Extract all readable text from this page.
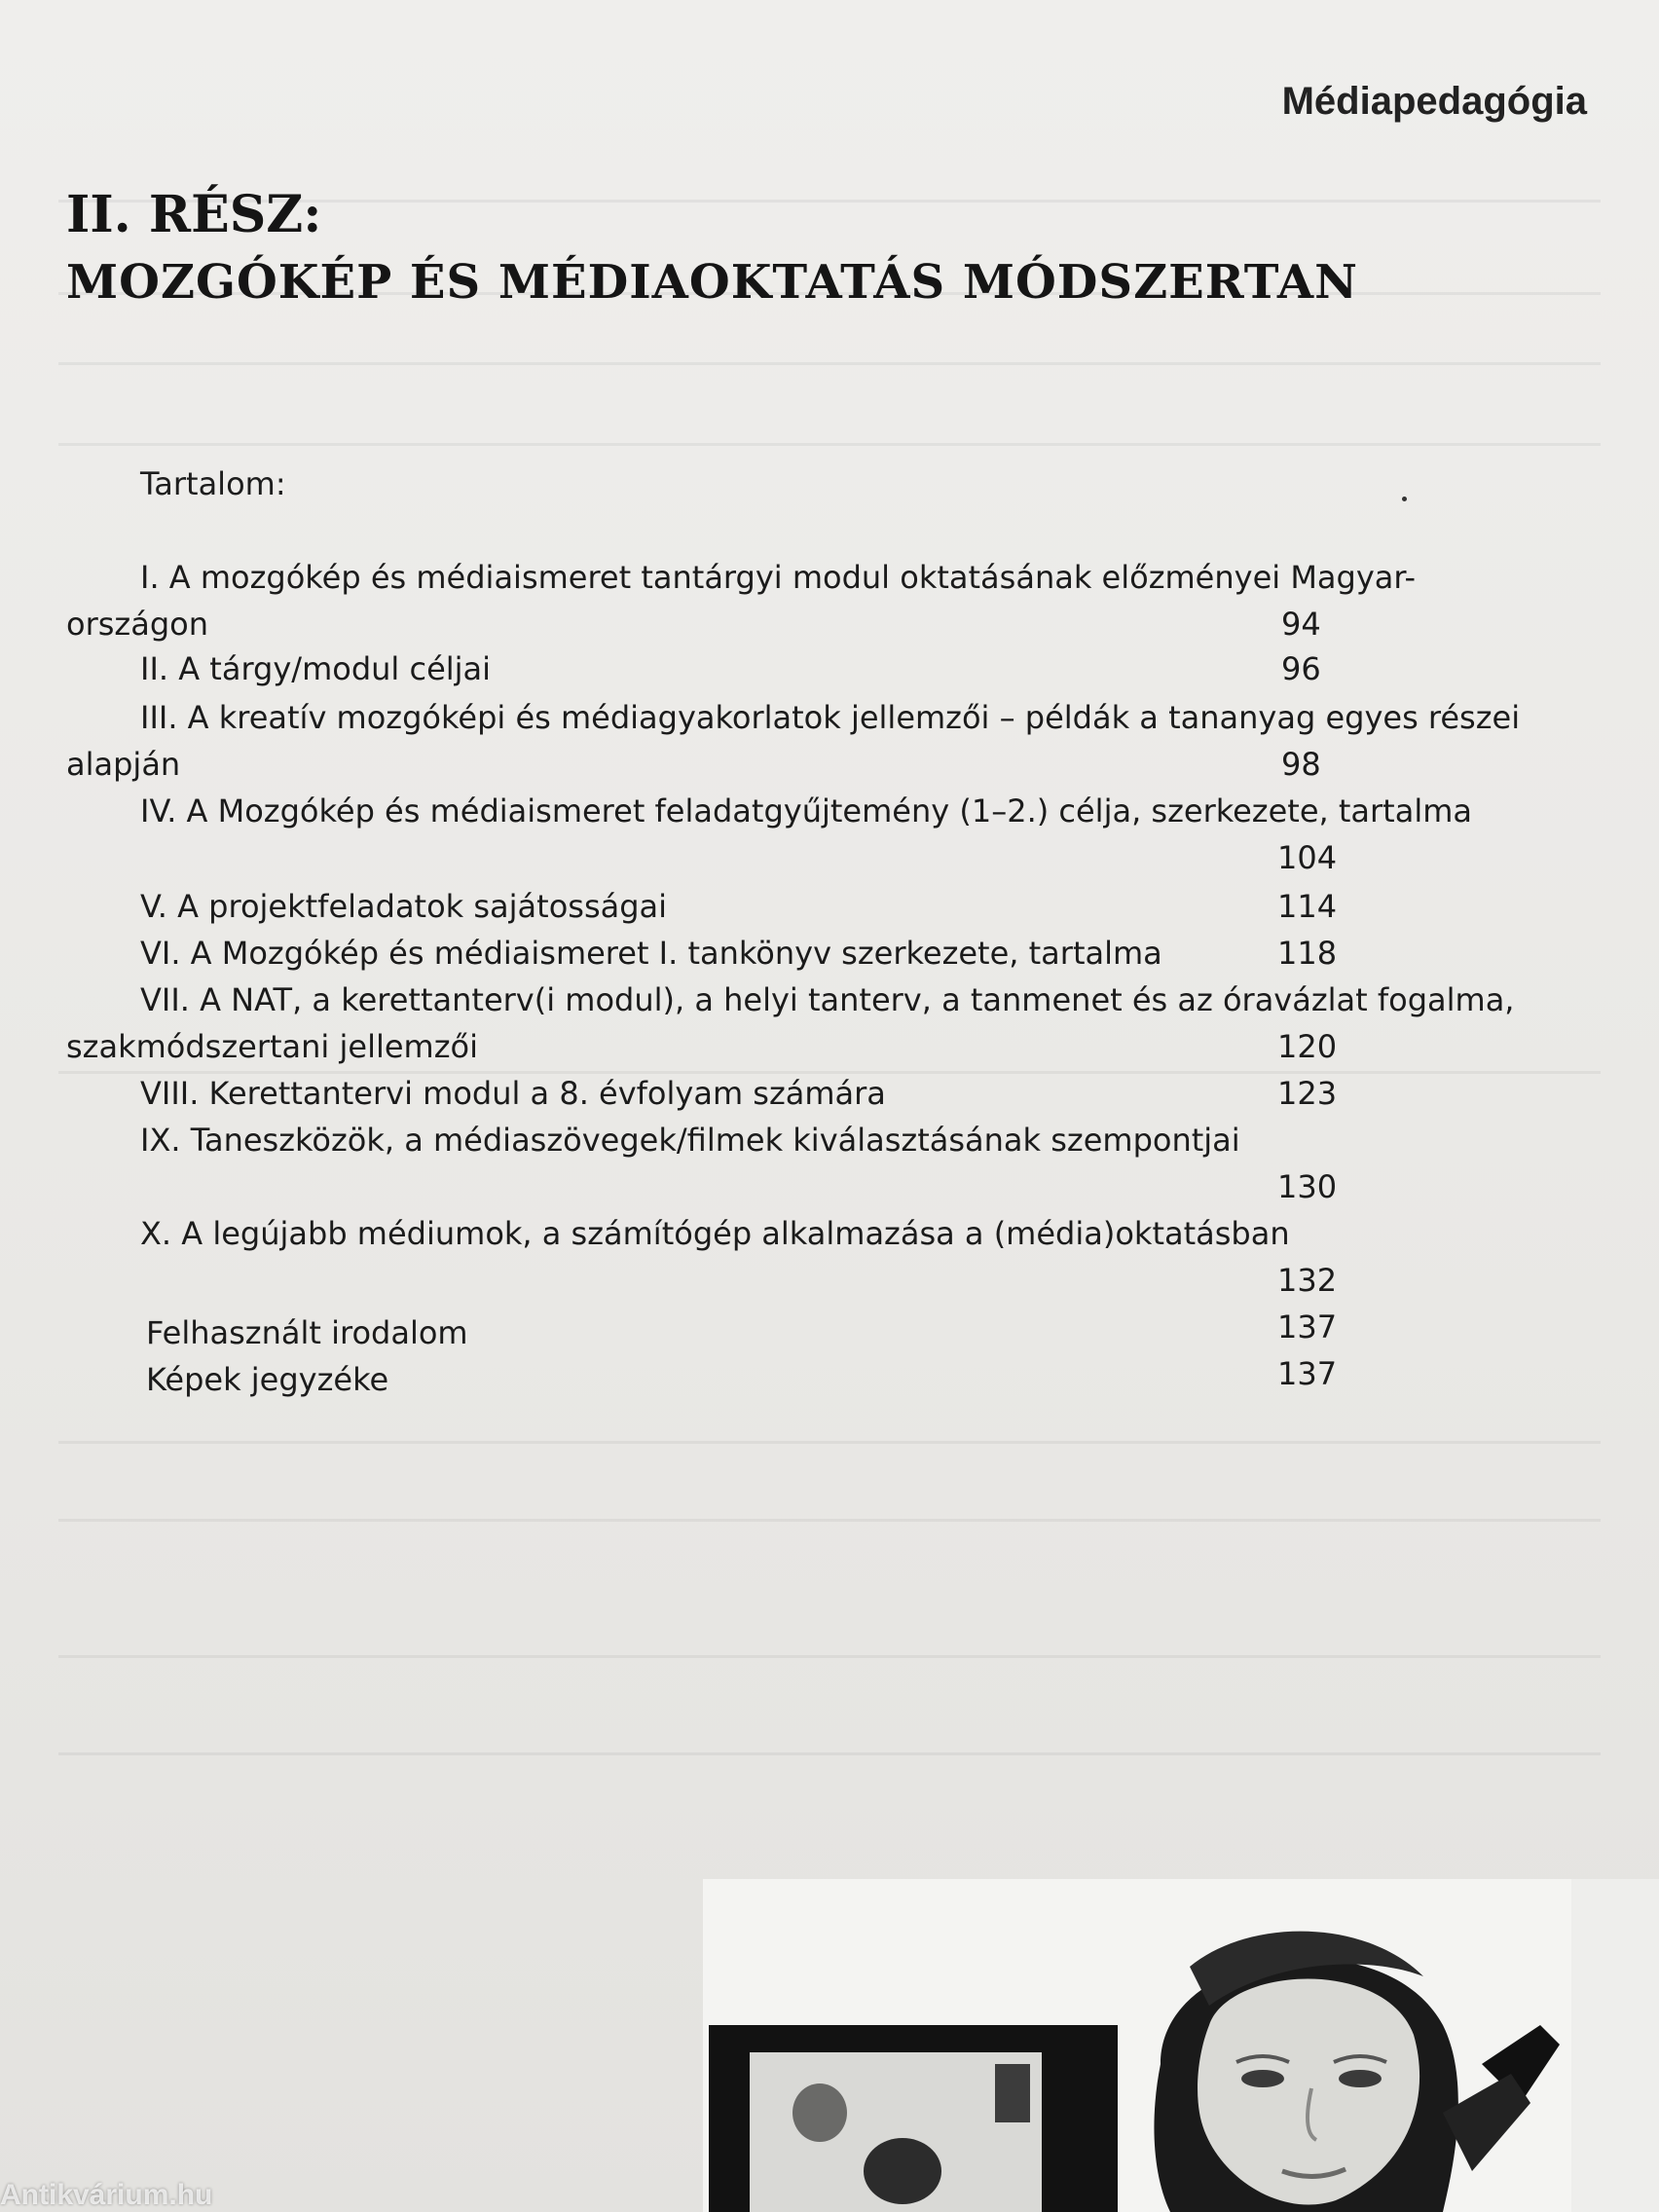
Médiapedagógia
II. RÉSZ:
MOZGÓKÉP ÉS MÉDIAOKTATÁS MÓDSZERTAN
Tartalom:
I. A mozgókép és médiaismeret tantárgyi modul oktatásának előzményei Magyar-
országon	94
II. A tárgy/modul céljai	96
III. A kreatív mozgóképi és médiagyakorlatok jellemzői – példák a tananyag egyes részei
alapján	98
IV. A Mozgókép és médiaismeret feladatgyűjtemény (1–2.) célja, szerkezete, tartalma
104
V. A projektfeladatok sajátosságai	114
VI. A Mozgókép és médiaismeret I. tankönyv szerkezete, tartalma	118
VII. A NAT, a kerettanterv(i modul), a helyi tanterv, a tanmenet és az óravázlat fogalma,
szakmódszertani jellemzői	120
VIII. Kerettantervi modul a 8. évfolyam számára	123
IX. Taneszközök, a médiaszövegek/filmek kiválasztásának szempontjai
130
X. A legújabb médiumok, a számítógép alkalmazása a (média)oktatásban
132
Felhasznált irodalom	137
Képek jegyzéke	137
Antikvárium.hu
